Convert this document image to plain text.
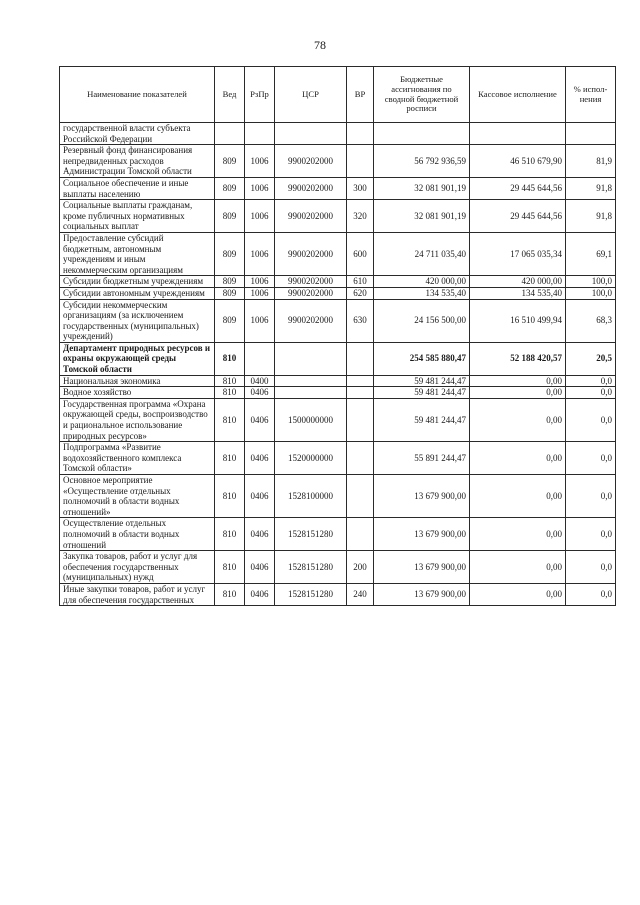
78
Наименование показателей	Вед	РзПр	ЦСР	ВР	Бюджетные ассигнования по сводной бюджетной росписи	Кассовое исполнение	% испол-нения
государственной власти субъекта Российской Федерации							
Резервный фонд финансирования непредвиденных расходов Администрации Томской области	809	1006	9900202000		56 792 936,59	46 510 679,90	81,9
Социальное обеспечение и иные выплаты населению	809	1006	9900202000	300	32 081 901,19	29 445 644,56	91,8
Социальные выплаты гражданам, кроме публичных нормативных социальных выплат	809	1006	9900202000	320	32 081 901,19	29 445 644,56	91,8
Предоставление субсидий бюджетным, автономным учреждениям и иным некоммерческим организациям	809	1006	9900202000	600	24 711 035,40	17 065 035,34	69,1
Субсидии бюджетным учреждениям	809	1006	9900202000	610	420 000,00	420 000,00	100,0
Субсидии автономным учреждениям	809	1006	9900202000	620	134 535,40	134 535,40	100,0
Субсидии некоммерческим организациям (за исключением государственных (муниципальных) учреждений)	809	1006	9900202000	630	24 156 500,00	16 510 499,94	68,3
Департамент природных ресурсов и охраны окружающей среды Томской области	810				254 585 880,47	52 188 420,57	20,5
Национальная экономика	810	0400			59 481 244,47	0,00	0,0
Водное хозяйство	810	0406			59 481 244,47	0,00	0,0
Государственная программа «Охрана окружающей среды, воспроизводство и рациональное использование природных ресурсов»	810	0406	1500000000		59 481 244,47	0,00	0,0
Подпрограмма «Развитие водохозяйственного комплекса Томской области»	810	0406	1520000000		55 891 244,47	0,00	0,0
Основное мероприятие «Осуществление отдельных полномочий в области водных отношений»	810	0406	1528100000		13 679 900,00	0,00	0,0
Осуществление отдельных полномочий в области водных отношений	810	0406	1528151280		13 679 900,00	0,00	0,0
Закупка товаров, работ и услуг для обеспечения государственных (муниципальных) нужд	810	0406	1528151280	200	13 679 900,00	0,00	0,0
Иные закупки товаров, работ и услуг для обеспечения государственных	810	0406	1528151280	240	13 679 900,00	0,00	0,0
